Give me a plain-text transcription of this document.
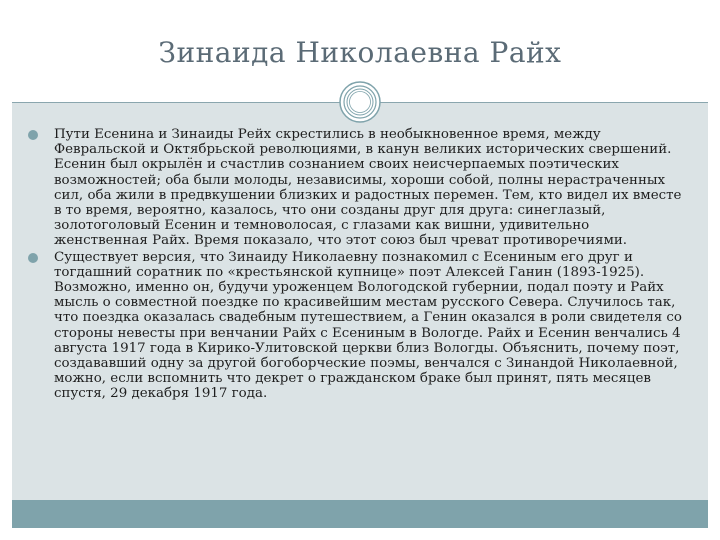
Зинаида Николаевна Райх
Пути Есенина и Зинаиды Рейх скрестились в необыкновенное время, между Февральской и Октябрьской революциями, в канун великих исторических свершений. Есенин был окрылён и счастлив сознанием своих неисчерпаемых поэтических возможностей; оба были молоды, независимы, хороши собой, полны нерастраченных сил, оба жили в предвкушении близких и радостных перемен. Тем, кто видел их вместе в то время, вероятно, казалось, что они созданы друг для друга: синеглазый, золотоголовый Есенин и темноволосая, с глазами как вишни, удивительно женственная Райх. Время показало, что этот союз был чреват противоречиями.
Существует версия, что Зинаиду Николаевну познакомил с Есениным его друг и тогдашний соратник по «крестьянской купнице» поэт Алексей Ганин (1893-1925). Возможно, именно он, будучи уроженцем Вологодской губернии, подал поэту и Райх мысль о совместной поездке по красивейшим местам русского Севера. Случилось так, что поездка оказалась свадебным путешествием, а Генин оказался в роли свидетеля со стороны невесты при венчании Райх с Есениным в Вологде. Райх и Есенин венчались 4 августа 1917 года в Кирико-Улитовской церкви близ Вологды. Объяснить, почему поэт, создававший одну за другой богоборческие поэмы, венчался с Зинандой Николаевной, можно, если вспомнить что декрет о гражданском браке был принят, пять месяцев спустя, 29 декабря 1917 года.
